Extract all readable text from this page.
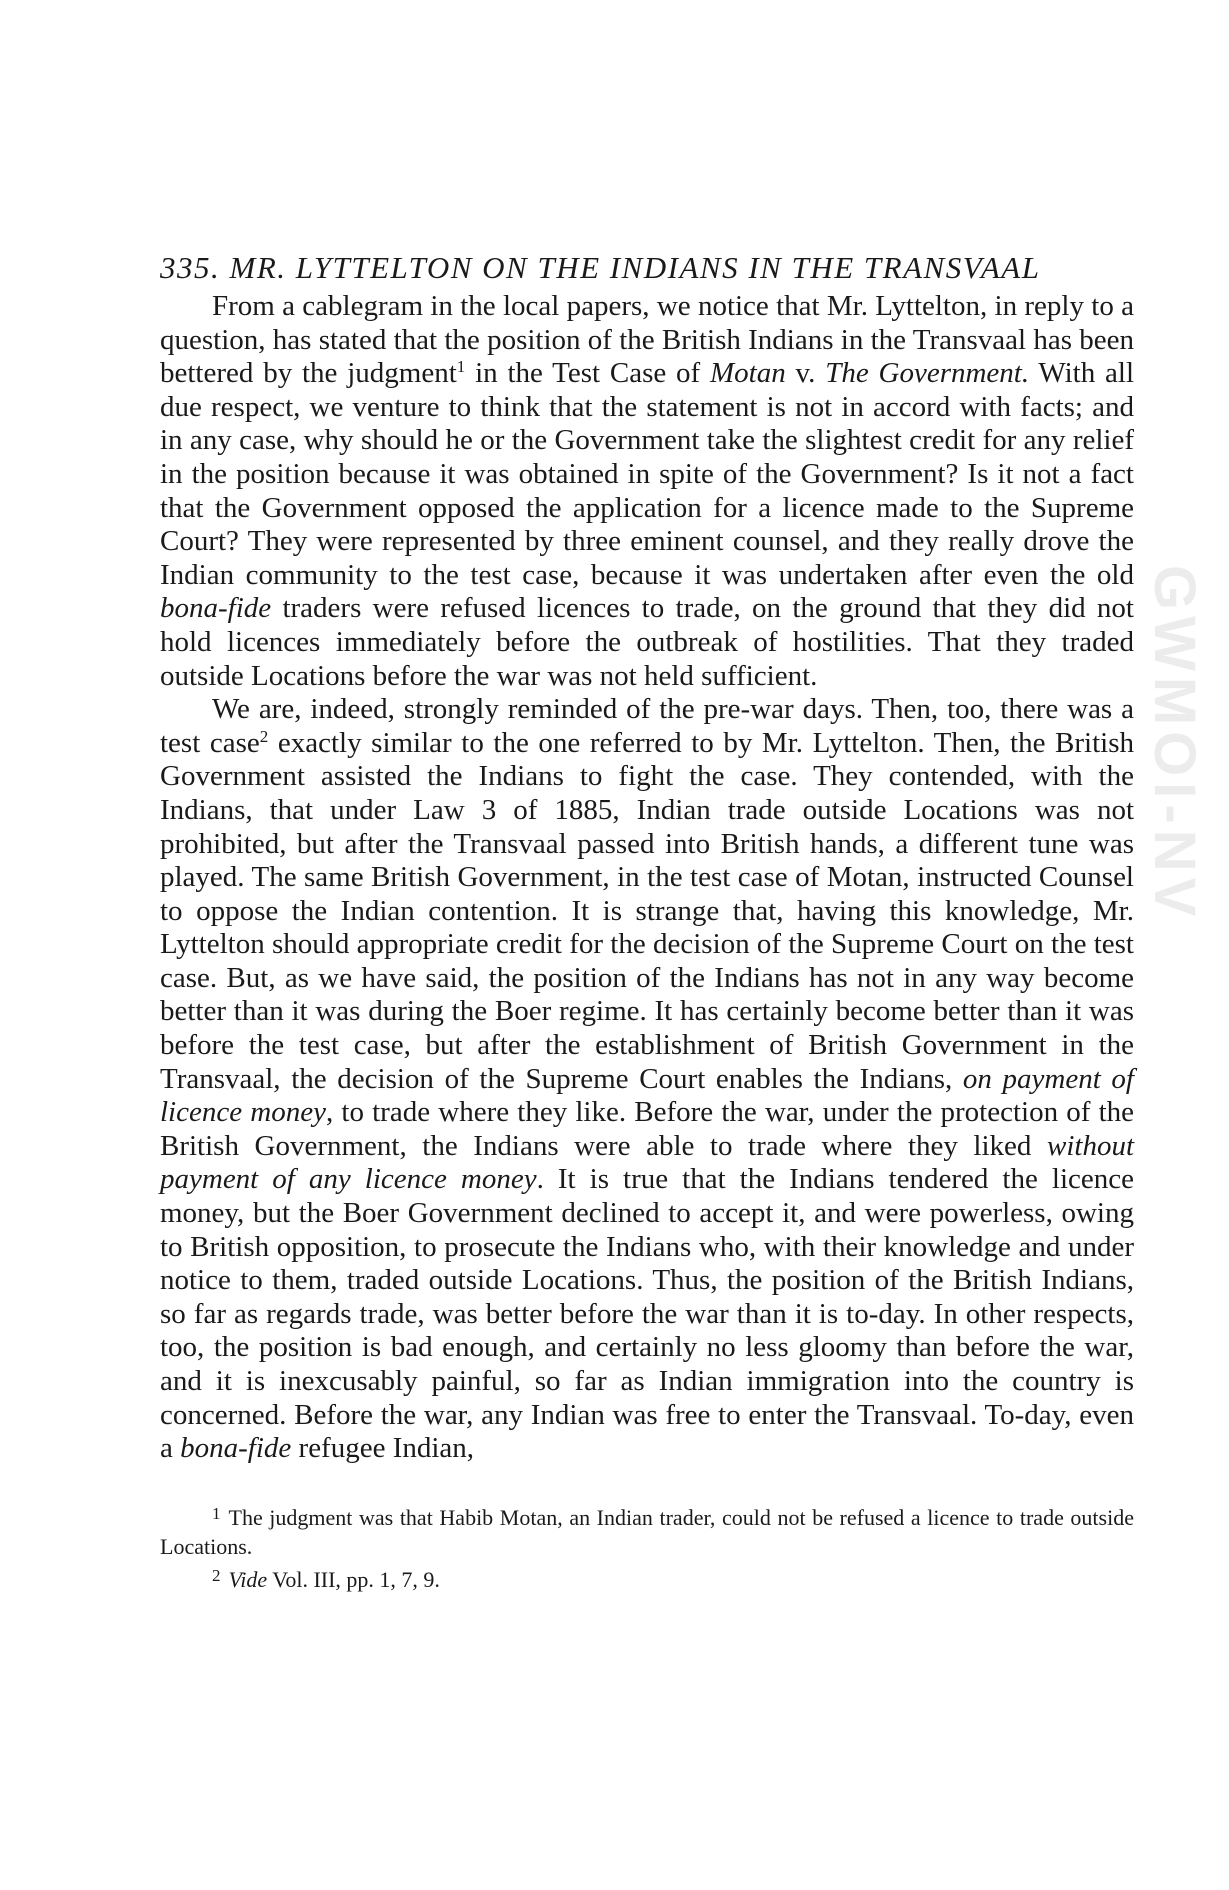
GWMOI-NV
335. MR. LYTTELTON ON THE INDIANS IN THE TRANSVAAL

From a cablegram in the local papers, we notice that Mr. Lyttelton, in reply to a question, has stated that the position of the British Indians in the Transvaal has been bettered by the judgment$^1$ in the Test Case of Motan v. The Government. With all due respect, we venture to think that the statement is not in accord with facts; and in any case, why should he or the Government take the slightest credit for any relief in the position because it was obtained in spite of the Government? Is it not a fact that the Government opposed the application for a licence made to the Supreme Court? They were represented by three eminent counsel, and they really drove the Indian community to the test case, because it was undertaken after even the old bona-fide traders were refused licences to trade, on the ground that they did not hold licences immediately before the outbreak of hostilities. That they traded outside Locations before the war was not held sufficient.

We are, indeed, strongly reminded of the pre-war days. Then, too, there was a test case$^2$ exactly similar to the one referred to by Mr. Lyttelton. Then, the British Government assisted the Indians to fight the case. They contended, with the Indians, that under Law 3 of 1885, Indian trade outside Locations was not prohibited, but after the Transvaal passed into British hands, a different tune was played. The same British Government, in the test case of Motan, instructed Counsel to oppose the Indian contention. It is strange that, having this knowledge, Mr. Lyttelton should appropriate credit for the decision of the Supreme Court on the test case. But, as we have said, the position of the Indians has not in any way become better than it was during the Boer regime. It has certainly become better than it was before the test case, but after the establishment of British Government in the Transvaal, the decision of the Supreme Court enables the Indians, on payment of licence money, to trade where they like. Before the war, under the protection of the British Government, the Indians were able to trade where they liked without payment of any licence money. It is true that the Indians tendered the licence money, but the Boer Government declined to accept it, and were powerless, owing to British opposition, to prosecute the Indians who, with their knowledge and under notice to them, traded outside Locations. Thus, the position of the British Indians, so far as regards trade, was better before the war than it is to-day. In other respects, too, the position is bad enough, and certainly no less gloomy than before the war, and it is inexcusably painful, so far as Indian immigration into the country is concerned. Before the war, any Indian was free to enter the Transvaal. To-day, even a bona-fide refugee Indian,

$^1$ The judgment was that Habib Motan, an Indian trader, could not be refused a licence to trade outside Locations.

$^2$ Vide Vol. III, pp. 1, 7, 9.
